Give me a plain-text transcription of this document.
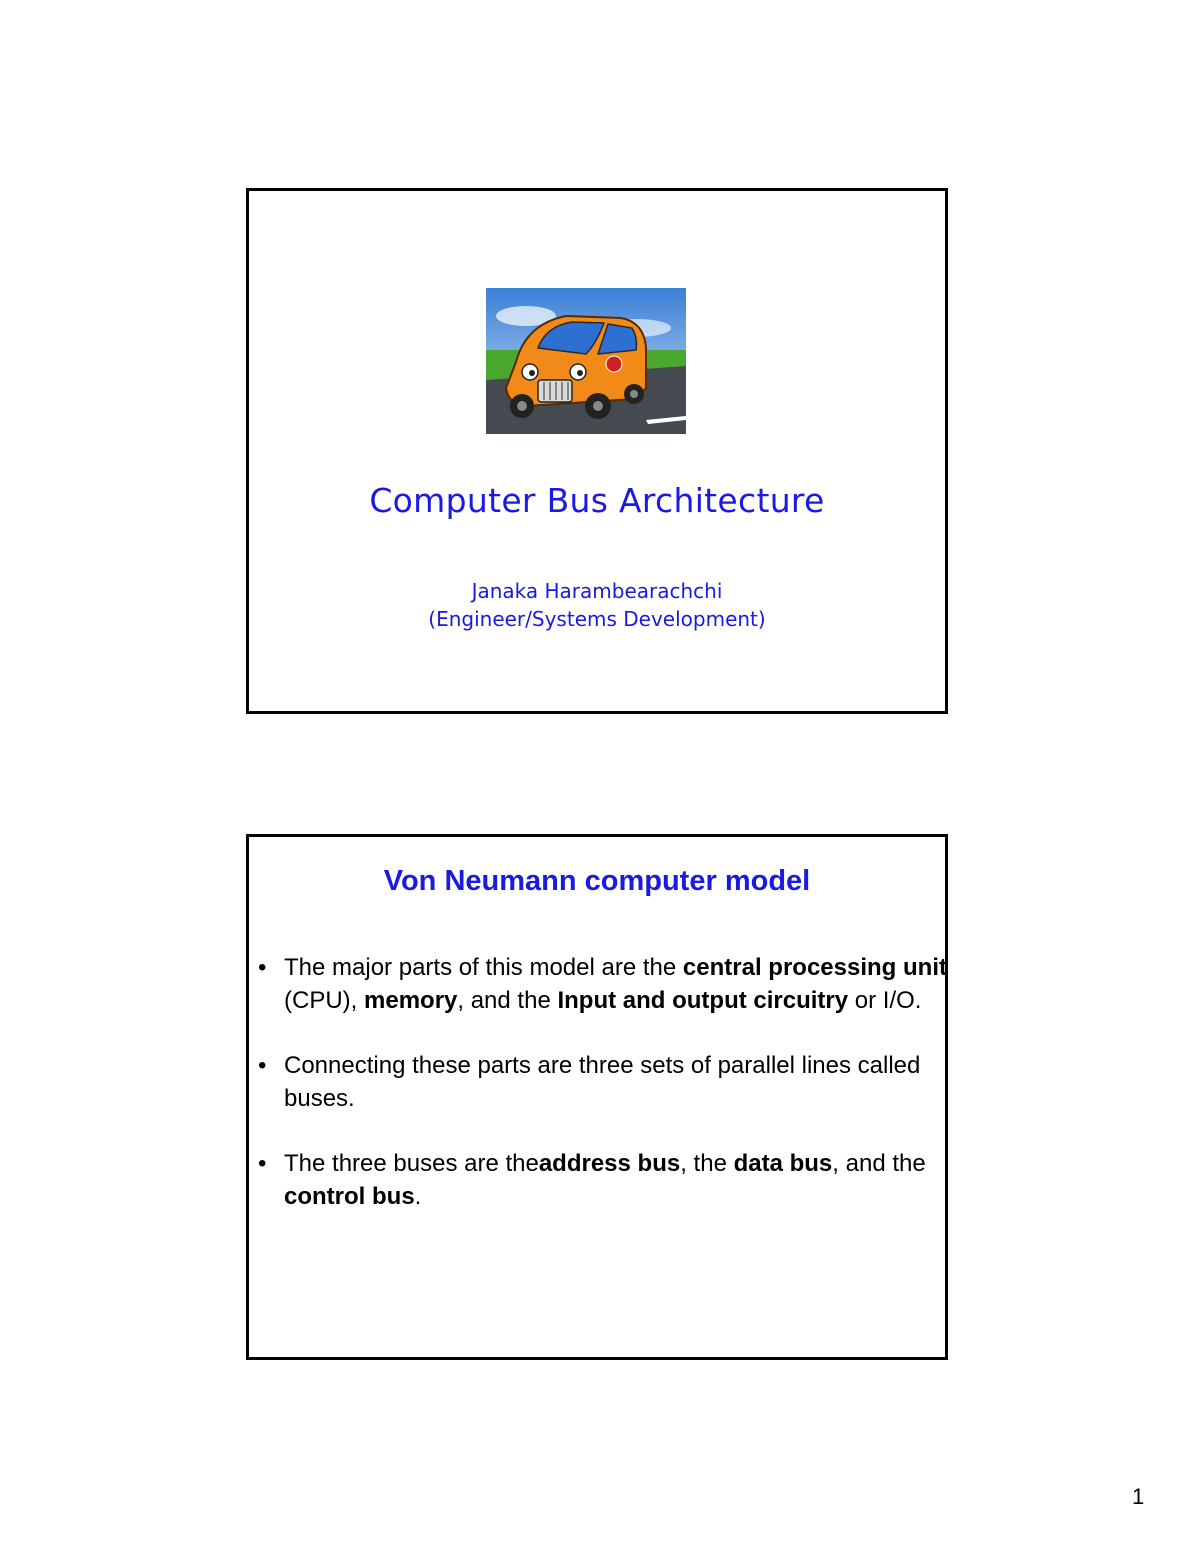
Computer Bus Architecture
Janaka Harambearachchi
(Engineer/Systems Development)
Von Neumann computer model
• The major parts of this model are the central processing unit (CPU), memory, and the Input and output circuitry or I/O.
• Connecting these parts are three sets of parallel lines called buses.
• The three buses are theaddress bus, the data bus, and the control bus.
1
